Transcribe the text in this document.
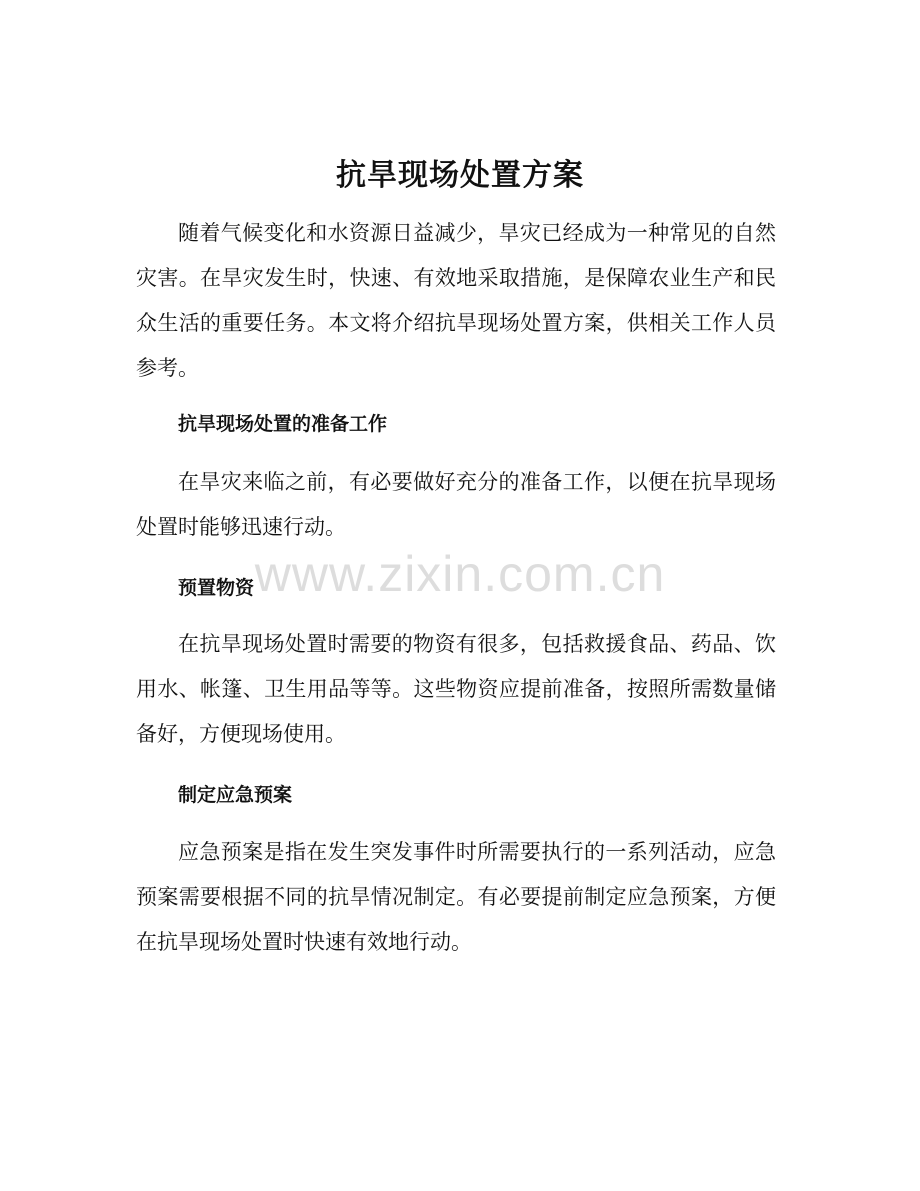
抗旱现场处置方案

随着气候变化和水资源日益减少，旱灾已经成为一种常见的自然灾害。在旱灾发生时，快速、有效地采取措施，是保障农业生产和民众生活的重要任务。本文将介绍抗旱现场处置方案，供相关工作人员参考。

抗旱现场处置的准备工作

在旱灾来临之前，有必要做好充分的准备工作，以便在抗旱现场处置时能够迅速行动。

预置物资

在抗旱现场处置时需要的物资有很多，包括救援食品、药品、饮用水、帐篷、卫生用品等等。这些物资应提前准备，按照所需数量储备好，方便现场使用。

制定应急预案

应急预案是指在发生突发事件时所需要执行的一系列活动，应急预案需要根据不同的抗旱情况制定。有必要提前制定应急预案，方便在抗旱现场处置时快速有效地行动。

www.zixin.com.cn
